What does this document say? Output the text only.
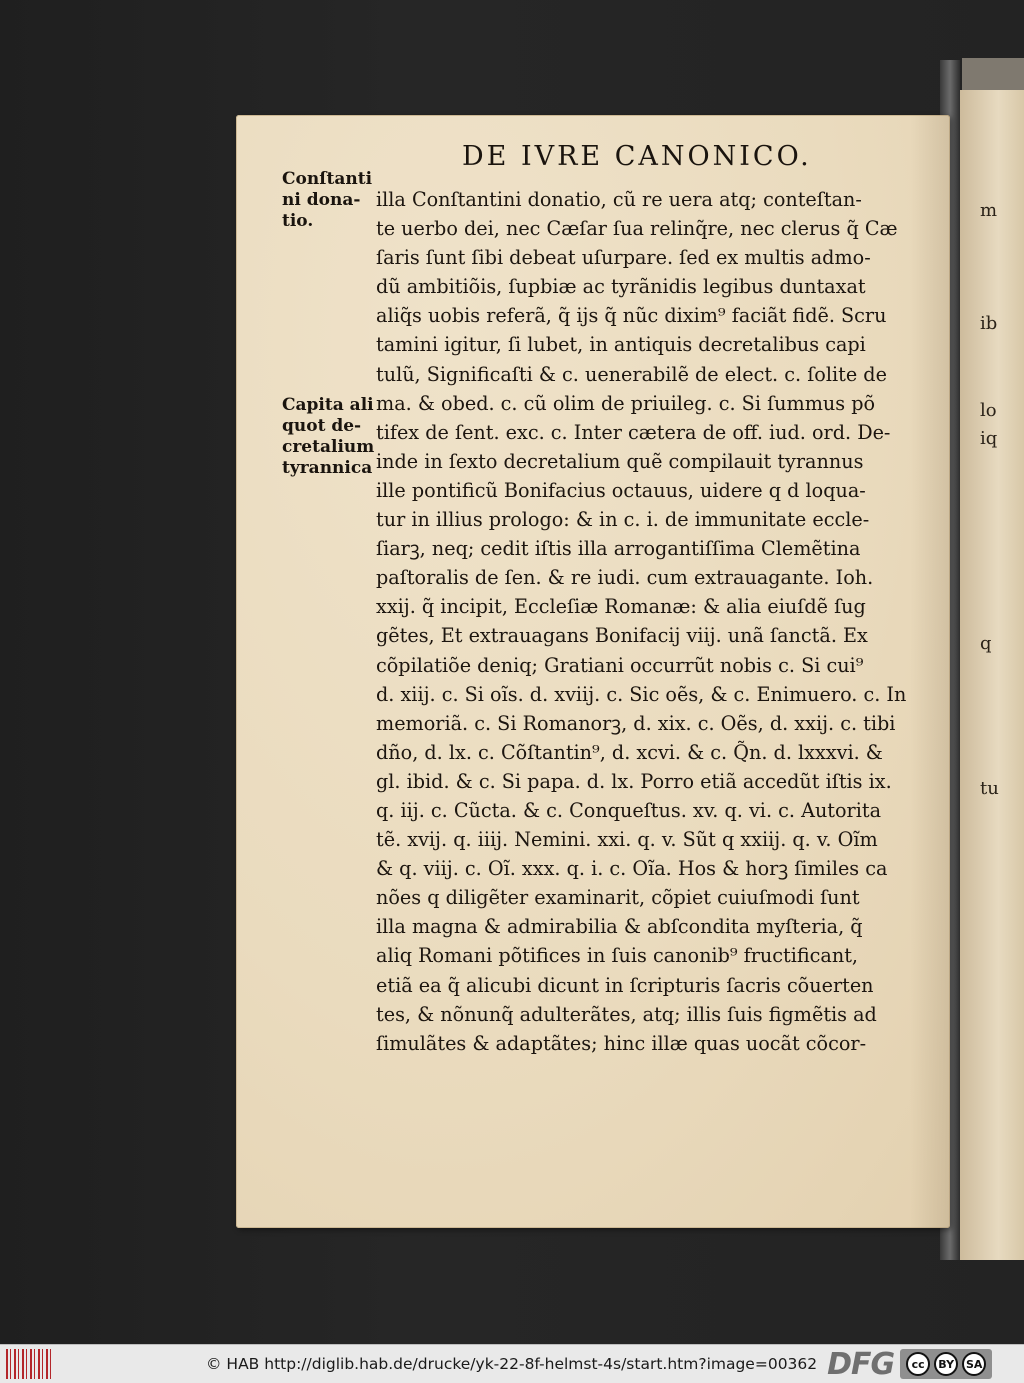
m
ib
lo
iq
q
tu
DE IVRE CANONICO.
Conſtanti
ni dona-
tio.
Capita ali
quot de-
cretalium
tyrannica
illa Conſtantini donatio, cũ re uera atq; conteſtan-
te uerbo dei, nec Cæſar ſua relinq̃re, nec clerus q̃ Cæ
ſaris ſunt ſibi debeat uſurpare. ſed ex multis admo-
dũ ambitiõis, ſupbiæ ac tyrãnidis legibus duntaxat
aliq̃s uobis referã, q̃ ijs q̃ nũc dixim⁹ faciãt fidẽ. Scru
tamini igitur, ſi lubet, in antiquis decretalibus capi
tulũ, Significaſti & c. uenerabilẽ de elect. c. ſolite de
ma. & obed. c. cũ olim de priuileg. c. Si ſummus põ
tifex de ſent. exc. c. Inter cætera de off. iud. ord. De-
inde in ſexto decretalium quẽ compilauit tyrannus
ille pontificũ Bonifacius octauus, uidere q d loqua-
tur in illius prologo: & in c. i. de immunitate eccle-
ſiarꝫ, neq; cedit iſtis illa arrogantiſſima Clemẽtina
paſtoralis de ſen. & re iudi. cum extrauagante. Ioh.
xxij. q̃ incipit, Eccleſiæ Romanæ: & alia eiuſdẽ ſug
gẽtes, Et extrauagans Bonifacij viij. unã ſanctã. Ex
cõpilatiõe deniq; Gratiani occurrũt nobis c. Si cui⁹
d. xiij. c. Si oĩs. d. xviij. c. Sic oẽs, & c. Enimuero. c. In
memoriã. c. Si Romanorꝫ, d. xix. c. Oẽs, d. xxij. c. tibi
dño, d. lx. c. Cõſtantin⁹, d. xcvi. & c. Q̃n. d. lxxxvi. &
gl. ibid. & c. Si papa. d. lx. Porro etiã accedũt iſtis ix.
q. iij. c. Cũcta. & c. Conqueſtus. xv. q. vi. c. Autorita
tẽ. xvij. q. iiij. Nemini. xxi. q. v. Sũt q xxiij. q. v. Oĩm
& q. viij. c. Oĩ. xxx. q. i. c. Oĩa. Hos & horꝫ ſimiles ca
nões q diligẽter examinarit, cõpiet cuiuſmodi ſunt
illa magna & admirabilia & abſcondita myſteria, q̃
aliq Romani põtifices in ſuis canonib⁹ fructificant,
etiã ea q̃ alicubi dicunt in ſcripturis ſacris cõuerten
tes, & nõnunq̃ adulterãtes, atq; illis ſuis figmẽtis ad
ſimulãtes & adaptãtes; hinc illæ quas uocãt cõcor-
© HAB http://diglib.hab.de/drucke/yk-22-8f-helmst-4s/start.htm?image=00362 DFG	cc	BY	SA
